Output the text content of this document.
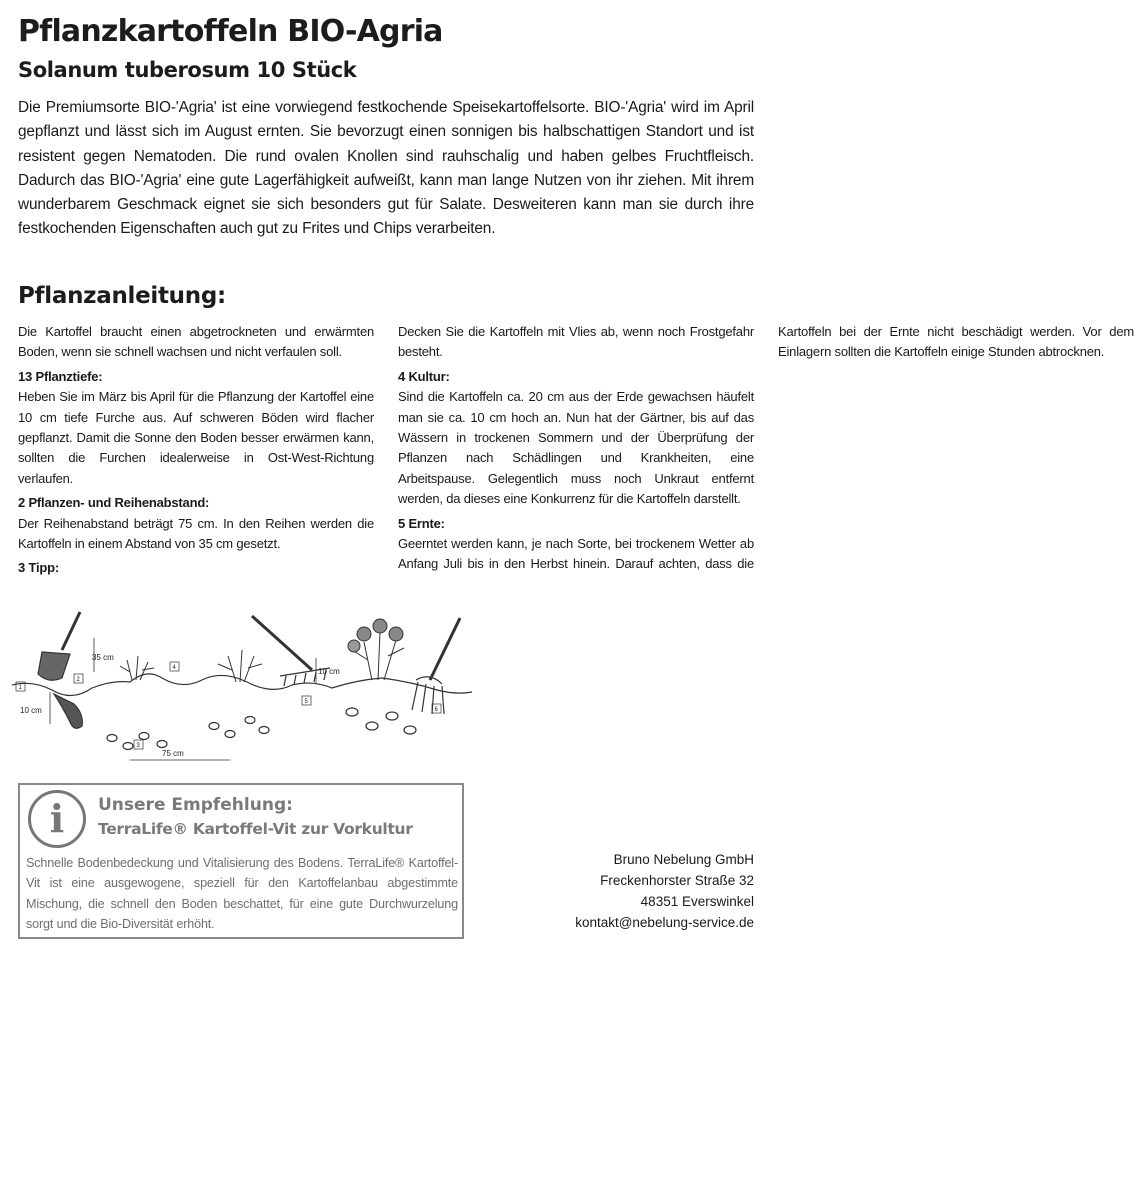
Pflanzkartoffeln BIO-Agria
Solanum tuberosum 10 Stück

Die Premiumsorte BIO-'Agria' ist eine vorwiegend festkochende Speisekartoffelsorte. BIO-'Agria' wird im April gepflanzt und lässt sich im August ernten. Sie bevorzugt einen sonnigen bis halbschattigen Standort und ist resistent gegen Nematoden. Die rund ovalen Knollen sind rauhschalig und haben gelbes Fruchtfleisch. Dadurch das BIO-'Agria' eine gute Lagerfähigkeit aufweißt, kann man lange Nutzen von ihr ziehen. Mit ihrem wunderbarem Geschmack eignet sie sich besonders gut für Salate. Desweiteren kann man sie durch ihre festkochenden Eigenschaften auch gut zu Frites und Chips verarbeiten.

Pflanzanleitung:

Die Kartoffel braucht einen abgetrockneten und erwärmten Boden, wenn sie schnell wachsen und nicht verfaulen soll.

13 Pflanztiefe:

Heben Sie im März bis April für die Pflanzung der Kartoffel eine 10 cm tiefe Furche aus. Auf schweren Böden wird flacher gepflanzt. Damit die Sonne den Boden besser erwärmen kann, sollten die Furchen idealerweise in Ost-West-Richtung verlaufen.

2 Pflanzen- und Reihenabstand:

Der Reihenabstand beträgt 75 cm. In den Reihen werden die Kartoffeln in einem Abstand von 35 cm gesetzt.

3 Tipp:

Decken Sie die Kartoffeln mit Vlies ab, wenn noch Frostgefahr besteht.

4 Kultur:

Sind die Kartoffeln ca. 20 cm aus der Erde gewachsen häufelt man sie ca. 10 cm hoch an. Nun hat der Gärtner, bis auf das Wässern in trockenen Sommern und der Überprüfung der Pflanzen nach Schädlingen und Krankheiten, eine Arbeitspause. Gelegentlich muss noch Unkraut entfernt werden, da dieses eine Konkurrenz für die Kartoffeln darstellt.

5 Ernte:

Geerntet werden kann, je nach Sorte, bei trockenem Wetter ab Anfang Juli bis in den Herbst hinein. Darauf achten, dass die Kartoffeln bei der Ernte nicht beschädigt werden. Vor dem Einlagern sollten die Kartoffeln einige Stunden abtrocknen.

10 cm
35 cm
75 cm
10 cm
1
2
3
4
5
6
i Unsere Empfehlung:
TerraLife® Kartoffel-Vit zur Vorkultur

Schnelle Bodenbedeckung und Vitalisierung des Bodens. TerraLife® Kartoffel-Vit ist eine ausgewogene, speziell für den Kartoffelanbau abgestimmte Mischung, die schnell den Boden beschattet, für eine gute Durchwurzelung sorgt und die Bio-Diversität erhöht.

Bruno Nebelung GmbH
Freckenhorster Straße 32
48351 Everswinkel
kontakt@nebelung-service.de
